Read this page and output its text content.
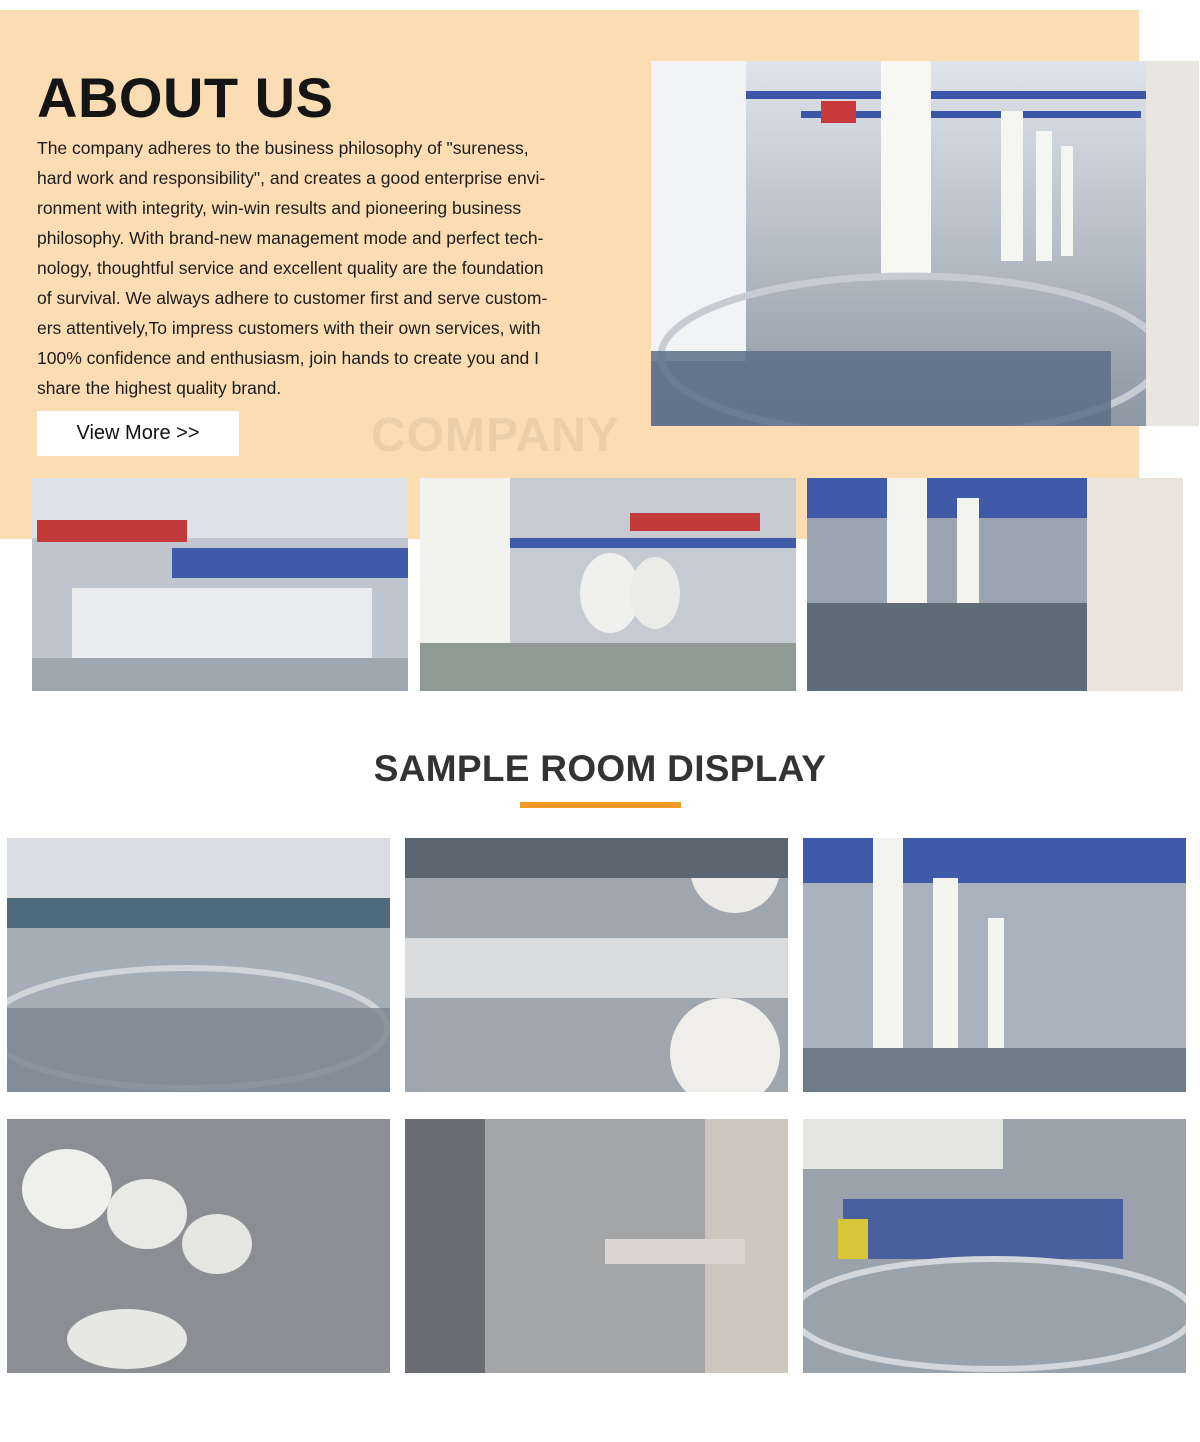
ABOUT US

The company adheres to the business philosophy of "sureness,
hard work and responsibility", and creates a good enterprise envi-
ronment with integrity, win-win results and pioneering business
philosophy. With brand-new management mode and perfect tech-
nology, thoughtful service and excellent quality are the foundation
of survival. We always adhere to customer first and serve custom-
ers attentively,To impress customers with their own services, with
100% confidence and enthusiasm, join hands to create you and I
share the highest quality brand.

COMPANY
View More >>
SAMPLE ROOM DISPLAY
